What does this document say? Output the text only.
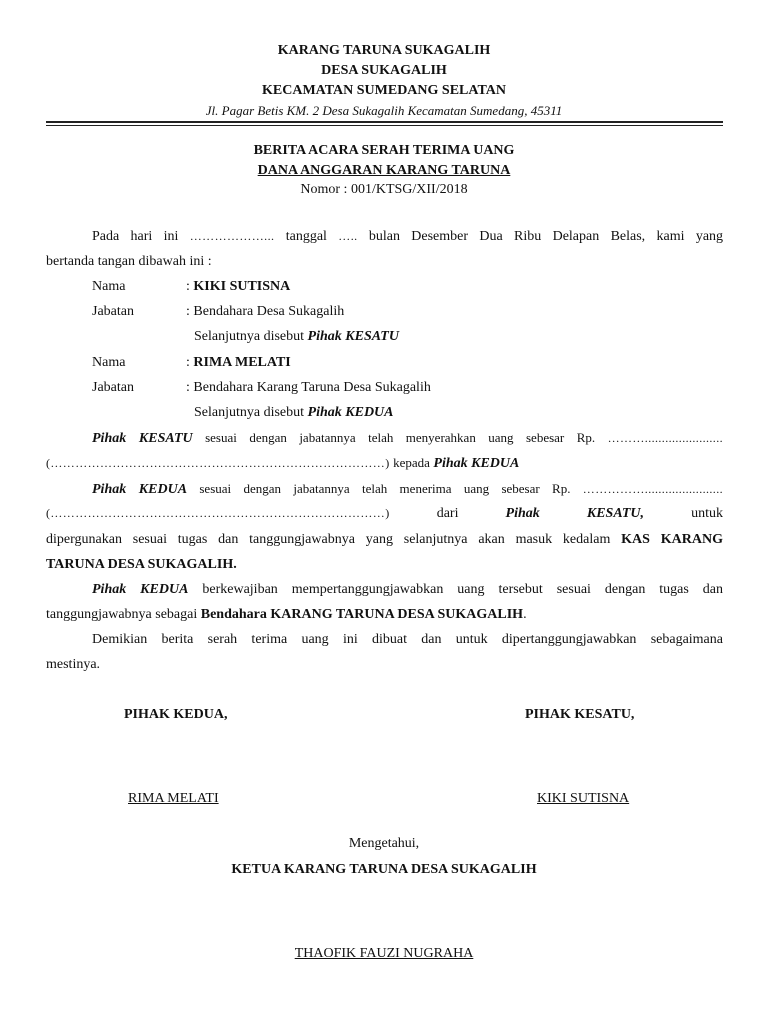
KARANG TARUNA SUKAGALIH
DESA SUKAGALIH
KECAMATAN SUMEDANG SELATAN
Jl. Pagar Betis KM. 2 Desa Sukagalih Kecamatan Sumedang, 45311
BERITA ACARA SERAH TERIMA UANG
DANA ANGGARAN KARANG TARUNA
Nomor : 001/KTSG/XII/2018
Pada hari ini ………………... tanggal ….. bulan Desember Dua Ribu Delapan Belas, kami yang
bertanda tangan dibawah ini :
Nama	: KIKI SUTISNA
Jabatan	: Bendahara Desa Sukagalih
Selanjutnya disebut Pihak KESATU
Nama	: RIMA MELATI
Jabatan	: Bendahara Karang Taruna Desa Sukagalih
Selanjutnya disebut Pihak KEDUA
Pihak KESATU sesuai dengan jabatannya telah menyerahkan uang sebesar Rp. ……….......................
(………………………………………………………………………) kepada Pihak KEDUA
Pihak KEDUA sesuai dengan jabatannya telah menerima uang sebesar Rp. …………….......................
(………………………………………………………………………)	dari	Pihak KESATU,	untuk
dipergunakan sesuai tugas dan tanggungjawabnya yang selanjutnya akan masuk kedalam KAS KARANG
TARUNA DESA SUKAGALIH.
Pihak KEDUA berkewajiban mempertanggungjawabkan uang tersebut sesuai dengan tugas dan
tanggungjawabnya sebagai Bendahara KARANG TARUNA DESA SUKAGALIH.
Demikian berita serah terima uang ini dibuat dan untuk dipertanggungjawabkan sebagaimana
mestinya.
PIHAK KEDUA,	PIHAK KESATU,
RIMA MELATI	KIKI SUTISNA
Mengetahui,
KETUA KARANG TARUNA DESA SUKAGALIH
THAOFIK FAUZI NUGRAHA
